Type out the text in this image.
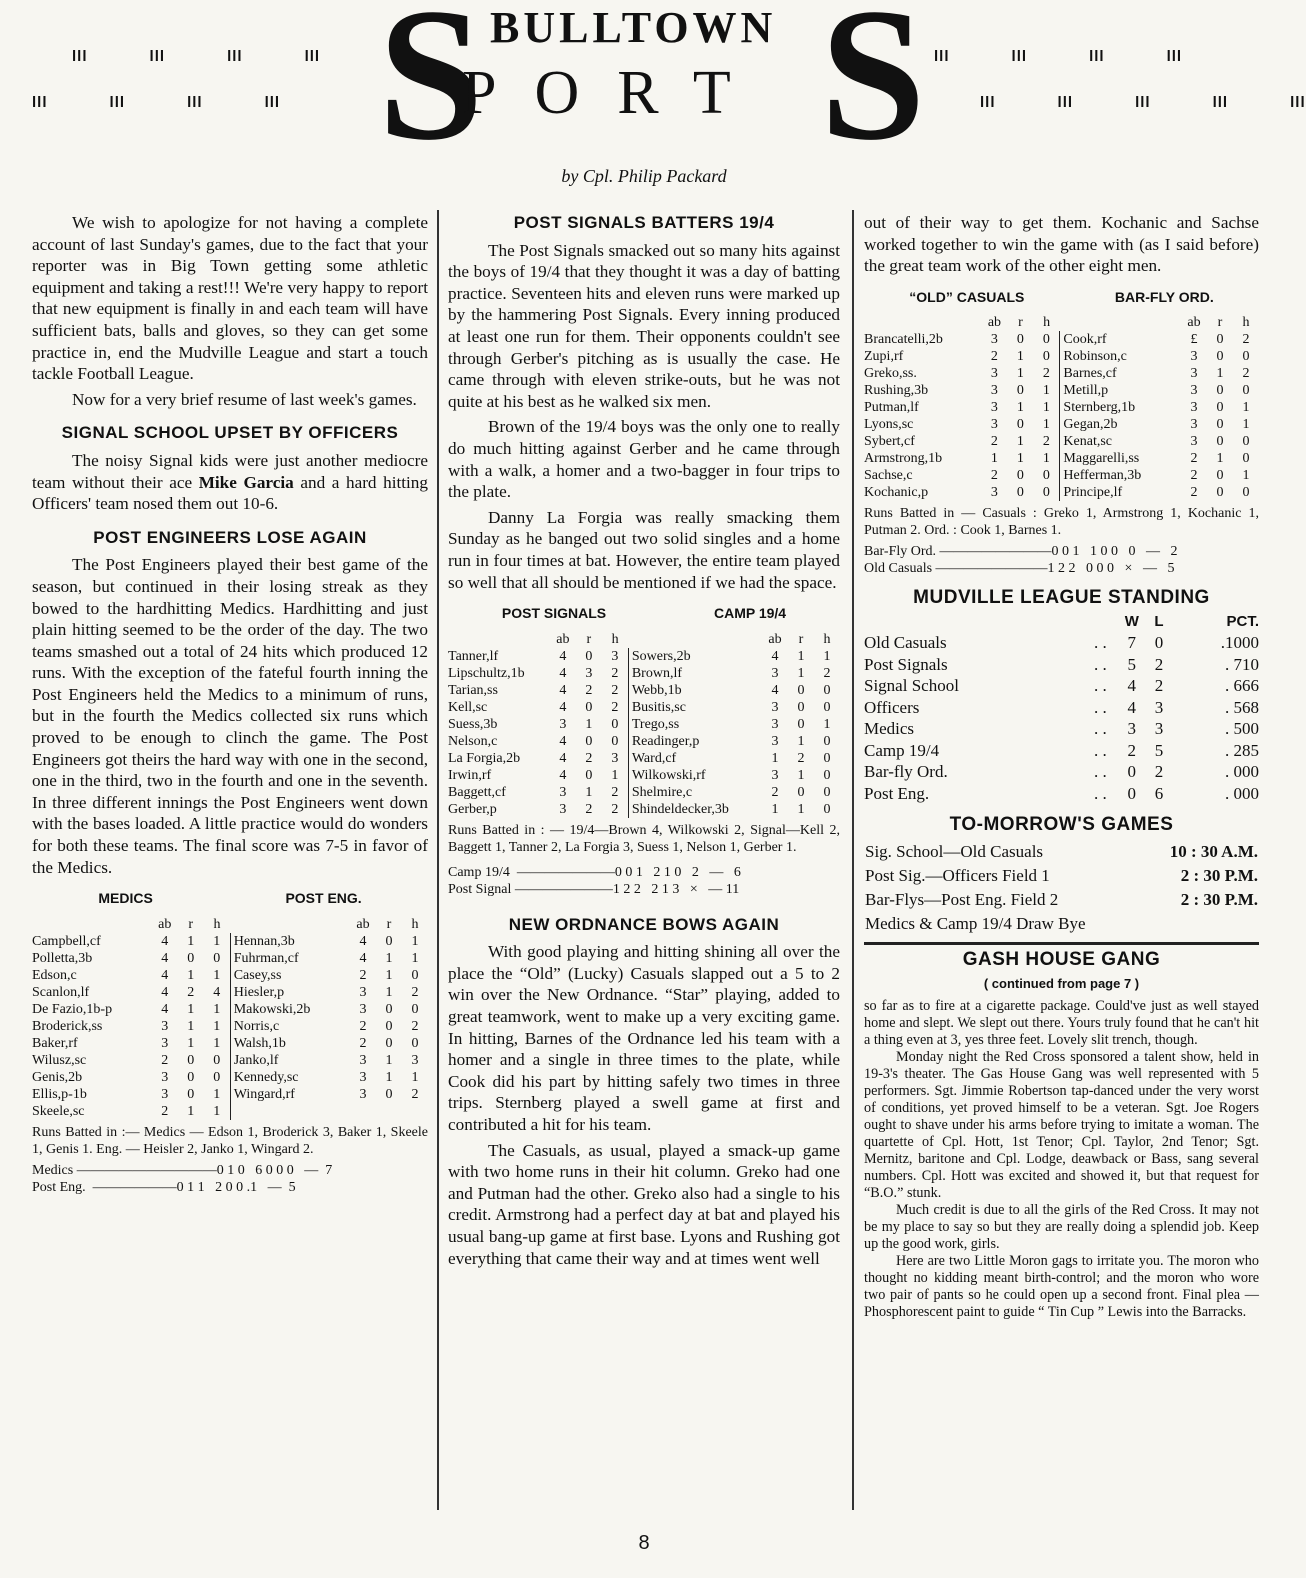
lll	lll	lll	lll
lll	lll	lll	lll S BULLTOWN
PORT S lll	lll	lll	lll
lll	lll	lll	lll	lll
by Cpl. Philip Packard

We wish to apologize for not having a complete account of last Sunday's games, due to the fact that your reporter was in Big Town getting some athletic equipment and taking a rest!!! We're very happy to report that new equipment is finally in and each team will have sufficient bats, balls and gloves, so they can get some practice in, end the Mudville League and start a touch tackle Football League.

Now for a very brief resume of last week's games.

SIGNAL SCHOOL UPSET BY OFFICERS

The noisy Signal kids were just another mediocre team without their ace Mike Garcia and a hard hitting Officers' team nosed them out 10-6.

POST ENGINEERS LOSE AGAIN

The Post Engineers played their best game of the season, but continued in their losing streak as they bowed to the hardhitting Medics. Hardhitting and just plain hitting seemed to be the order of the day. The two teams smashed out a total of 24 hits which produced 12 runs. With the exception of the fateful fourth inning the Post Engineers held the Medics to a minimum of runs, but in the fourth the Medics collected six runs which proved to be enough to clinch the game. The Post Engineers got theirs the hard way with one in the second, one in the third, two in the fourth and one in the seventh. In three different innings the Post Engineers went down with the bases loaded. A little practice would do wonders for both these teams. The final score was 7-5 in favor of the Medics.

MEDICS	POST ENG.
	ab	r	h		ab	r	h
Campbell,cf	4	1	1	Hennan,3b	4	0	1
Polletta,3b	4	0	0	Fuhrman,cf	4	1	1
Edson,c	4	1	1	Casey,ss	2	1	0
Scanlon,lf	4	2	4	Hiesler,p	3	1	2
De Fazio,1b-p	4	1	1	Makowski,2b	3	0	0
Broderick,ss	3	1	1	Norris,c	2	0	2
Baker,rf	3	1	1	Walsh,1b	2	0	0
Wilusz,sc	2	0	0	Janko,lf	3	1	3
Genis,2b	3	0	0	Kennedy,sc	3	1	1
Ellis,p-1b	3	0	1	Wingard,rf	3	0	2
Skeele,sc	2	1	1				
Runs Batted in :— Medics — Edson 1, Broderick 3, Baker 1, Skeele 1, Genis 1. Eng. — Heisler 2, Janko 1, Wingard 2.
Medics ——————————0 1 0   6 0 0 0   —  7
Post Eng.  ——————0 1 1   2 0 0 .1   —  5
POST SIGNALS BATTERS 19/4

The Post Signals smacked out so many hits against the boys of 19/4 that they thought it was a day of batting practice. Seventeen hits and eleven runs were marked up by the hammering Post Signals. Every inning produced at least one run for them. Their opponents couldn't see through Gerber's pitching as is usually the case. He came through with eleven strike-outs, but he was not quite at his best as he walked six men.

Brown of the 19/4 boys was the only one to really do much hitting against Gerber and he came through with a walk, a homer and a two-bagger in four trips to the plate.

Danny La Forgia was really smacking them Sunday as he banged out two solid singles and a home run in four times at bat. However, the entire team played so well that all should be mentioned if we had the space.

POST SIGNALS	CAMP 19/4
	ab	r	h		ab	r	h
Tanner,lf	4	0	3	Sowers,2b	4	1	1
Lipschultz,1b	4	3	2	Brown,lf	3	1	2
Tarian,ss	4	2	2	Webb,1b	4	0	0
Kell,sc	4	0	2	Busitis,sc	3	0	0
Suess,3b	3	1	0	Trego,ss	3	0	1
Nelson,c	4	0	0	Readinger,p	3	1	0
La Forgia,2b	4	2	3	Ward,cf	1	2	0
Irwin,rf	4	0	1	Wilkowski,rf	3	1	0
Baggett,cf	3	1	2	Shelmire,c	2	0	0
Gerber,p	3	2	2	Shindeldecker,3b	1	1	0
Runs Batted in : — 19/4—Brown 4, Wilkowski 2, Signal—Kell 2, Baggett 1, Tanner 2, La Forgia 3, Suess 1, Nelson 1, Gerber 1.
Camp 19/4  ———————0 0 1   2 1 0   2   —   6
Post Signal ———————1 2 2   2 1 3   ×   — 11
NEW ORDNANCE BOWS AGAIN

With good playing and hitting shining all over the place the “Old” (Lucky) Casuals slapped out a 5 to 2 win over the New Ordnance. “Star” playing, added to great teamwork, went to make up a very exciting game. In hitting, Barnes of the Ordnance led his team with a homer and a single in three times to the plate, while Cook did his part by hitting safely two times in three trips. Sternberg played a swell game at first and contributed a hit for his team.

The Casuals, as usual, played a smack-up game with two home runs in their hit column. Greko had one and Putman had the other. Greko also had a single to his credit. Armstrong had a perfect day at bat and played his usual bang-up game at first base. Lyons and Rushing got everything that came their way and at times went well

out of their way to get them. Kochanic and Sachse worked together to win the game with (as I said before) the great team work of the other eight men.

“OLD” CASUALS	BAR-FLY ORD.
	ab	r	h		ab	r	h
Brancatelli,2b	3	0	0	Cook,rf	£	0	2
Zupi,rf	2	1	0	Robinson,c	3	0	0
Greko,ss.	3	1	2	Barnes,cf	3	1	2
Rushing,3b	3	0	1	Metill,p	3	0	0
Putman,lf	3	1	1	Sternberg,1b	3	0	1
Lyons,sc	3	0	1	Gegan,2b	3	0	1
Sybert,cf	2	1	2	Kenat,sc	3	0	0
Armstrong,1b	1	1	1	Maggarelli,ss	2	1	0
Sachse,c	2	0	0	Hefferman,3b	2	0	1
Kochanic,p	3	0	0	Principe,lf	2	0	0
Runs Batted in — Casuals : Greko 1, Armstrong 1, Kochanic 1, Putman 2. Ord. : Cook 1, Barnes 1.
Bar-Fly Ord. ————————0 0 1   1 0 0   0   —   2
Old Casuals ————————1 2 2   0 0 0   ×   —   5
MUDVILLE LEAGUE STANDING
		W	L	PCT.
Old Casuals	. .	7	0	.1000
Post Signals	. .	5	2	. 710
Signal School	. .	4	2	. 666
Officers	. .	4	3	. 568
Medics	. .	3	3	. 500
Camp 19/4	. .	2	5	. 285
Bar-fly Ord.	. .	0	2	. 000
Post Eng.	. .	0	6	. 000
TO-MORROW'S GAMES
Sig. School—Old Casuals	10 : 30 A.M.
Post Sig.—Officers Field 1	2 : 30 P.M.
Bar-Flys—Post Eng. Field 2	2 : 30 P.M.
Medics & Camp 19/4 Draw Bye	
GASH HOUSE GANG
( continued from page 7 )

so far as to fire at a cigarette package. Could've just as well stayed home and slept. We slept out there. Yours truly found that he can't hit a thing even at 3, yes three feet. Lovely slit trench, though.

Monday night the Red Cross sponsored a talent show, held in 19-3's theater. The Gas House Gang was well represented with 5 performers. Sgt. Jimmie Robertson tap-danced under the very worst of conditions, yet proved himself to be a veteran. Sgt. Joe Rogers ought to shave under his arms before trying to imitate a woman. The quartette of Cpl. Hott, 1st Tenor; Cpl. Taylor, 2nd Tenor; Sgt. Mernitz, baritone and Cpl. Lodge, deawback or Bass, sang several numbers. Cpl. Hott was excited and showed it, but that request for “B.O.” stunk.

Much credit is due to all the girls of the Red Cross. It may not be my place to say so but they are really doing a splendid job. Keep up the good work, girls.

Here are two Little Moron gags to irritate you. The moron who thought no kidding meant birth-control; and the moron who wore two pair of pants so he could open up a second front. Final plea — Phosphorescent paint to guide “ Tin Cup ” Lewis into the Barracks.

8
